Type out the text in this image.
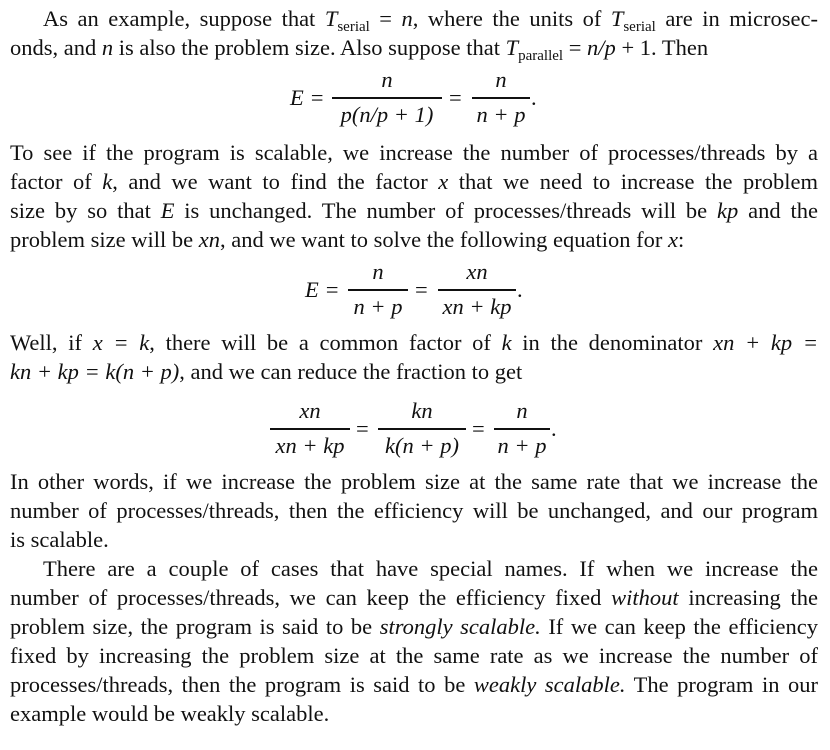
As an example, suppose that $T_{serial} = n$, where the units of $T_{serial}$ are in microsec-
onds, and n is also the problem size. Also suppose that $T_{parallel} = n/p + 1$. Then
E =
n
p(n/p + 1)
=
n
n + p
.
To see if the program is scalable, we increase the number of processes/threads by a
factor of k, and we want to find the factor x that we need to increase the problem
size by so that E is unchanged. The number of processes/threads will be kp and the
problem size will be xn, and we want to solve the following equation for x:
E =
n
n + p
=
xn
xn + kp
.
Well, if x = k, there will be a common factor of k in the denominator xn + kp =
kn + kp = k(n + p), and we can reduce the fraction to get
xn
xn + kp
=
kn
k(n + p)
=
n
n + p
.
In other words, if we increase the problem size at the same rate that we increase the
number of processes/threads, then the efficiency will be unchanged, and our program
is scalable.
There are a couple of cases that have special names. If when we increase the
number of processes/threads, we can keep the efficiency fixed without increasing the
problem size, the program is said to be strongly scalable. If we can keep the efficiency
fixed by increasing the problem size at the same rate as we increase the number of
processes/threads, then the program is said to be weakly scalable. The program in our
example would be weakly scalable.
